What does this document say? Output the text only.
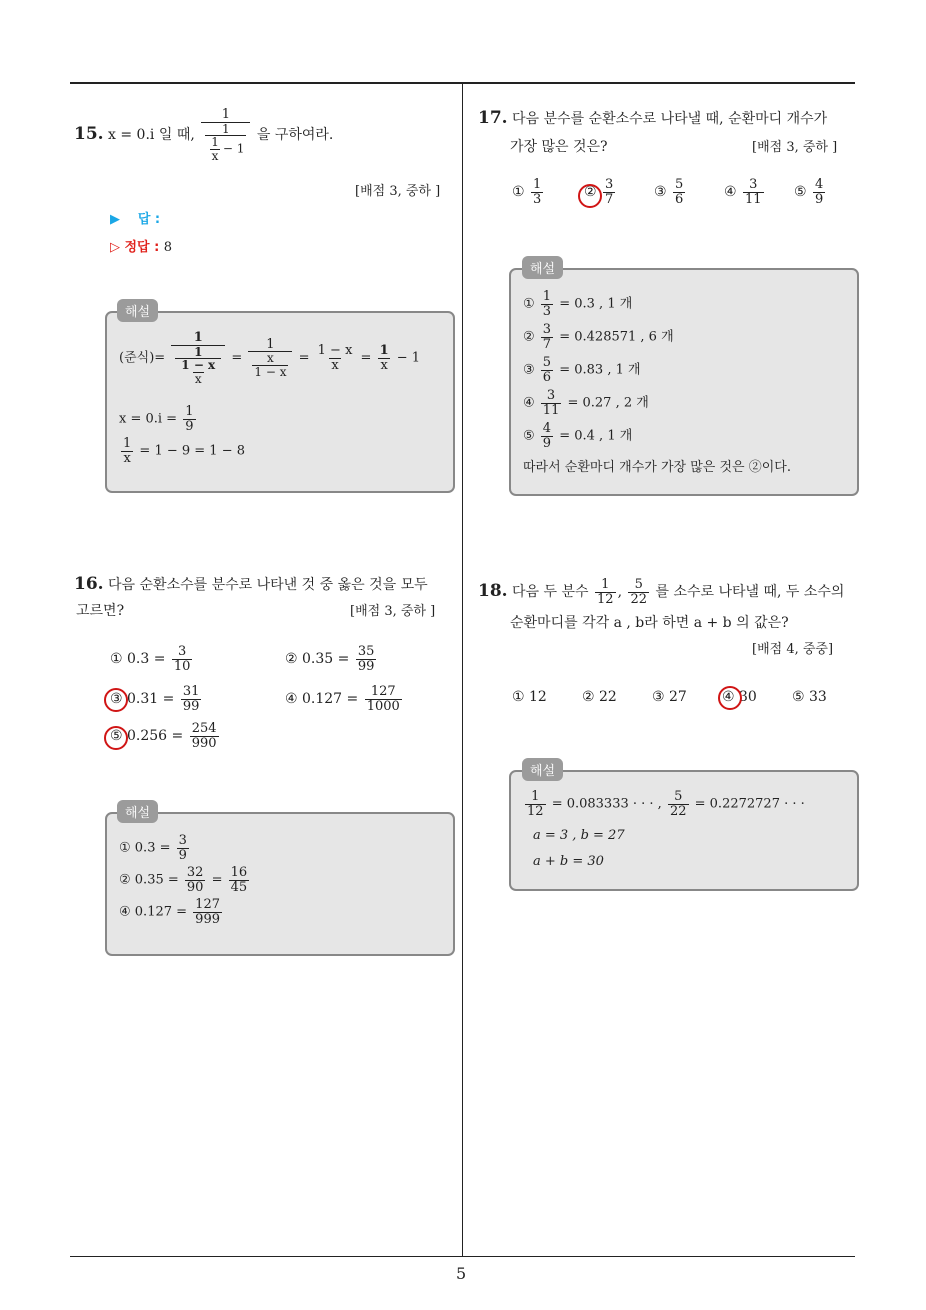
5
15. x = 0.i 일 때, $\frac{1}{\frac{1}{\frac{1}{x} - 1}}$ 을 구하여라.
[배점 3, 중하 ]
▶ 답 :
▷ 정답 : 8
(준식)= $\frac{1}{\frac{1}{\frac{1 - x}{x}}} = \frac{1}{\frac{x}{1 - x}} = \frac{1 - x}{x} = \frac{1}{x} - 1$
$x = 0.i = \frac{1}{9}$
$\frac{1}{x} = 1 - 9 = 1 - 8$
해설
16. 다음 순환소수를 분수로 나타낸 것 중 옳은 것을 모두
고르면?	[배점 3, 중하 ]
① $0.3 = \frac{3}{10}$	② $0.35 = \frac{35}{99}$
③ $0.31 = \frac{31}{99}$	④ $0.127 = \frac{127}{1000}$
⑤ $0.256 = \frac{254}{990}$
① $0.3 = \frac{3}{9}$
② $0.35 = \frac{32}{90} = \frac{16}{45}$
④ $0.127 = \frac{127}{999}$
해설
17. 다음 분수를 순환소수로 나타낼 때, 순환마디 개수가
가장 많은 것은?	[배점 3, 중하 ]
① $\frac{1}{3}$	② $\frac{3}{7}$	③ $\frac{5}{6}$	④ $\frac{3}{11}$ ⑤ $\frac{4}{9}$
① $\frac{1}{3} = 0.3$ , 1 개
② $\frac{3}{7} = 0.428571$ , 6 개
③ $\frac{5}{6} = 0.83$ , 1 개
④ $\frac{3}{11} = 0.27$ , 2 개
⑤ $\frac{4}{9} = 0.4$ , 1 개
따라서 순환마디 개수가 가장 많은 것은 ②이다.
해설
18. 다음 두 분수 $\frac{1}{12}$ , $\frac{5}{22}$ 를 소수로 나타낼 때, 두 소수의
순환마디를 각각 a , b라 하면 a + b 의 값은?
[배점 4, 중중]
① 12	② 22	③ 27	④ 30	⑤ 33
$\frac{1}{12} = 0.083333$ · · · , $\frac{5}{22} = 0.2272727$ · · ·
a = 3 , b = 27
a + b = 30
해설
